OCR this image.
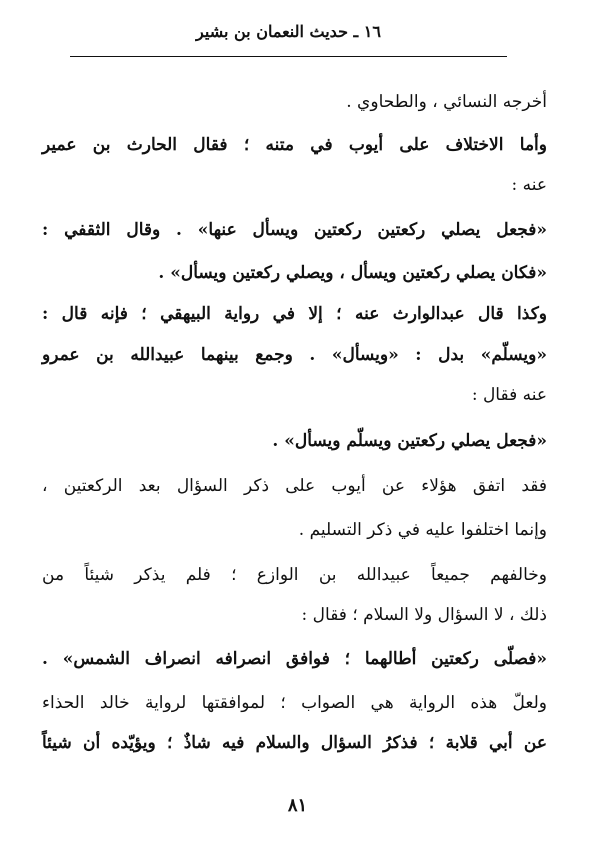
١٦ ـ حديث النعمان بن بشير
أخرجه النسائي ، والطحاوي .
وأما الاختلاف على أيوب في متنه ؛ فقال الحارث بن عمير
عنه :
«فجعل يصلي ركعتين ركعتين ويسأل عنها» . وقال الثقفي :
«فكان يصلي ركعتين ويسأل ، ويصلي ركعتين ويسأل» .
وكذا قال عبدالوارث عنه ؛ إلا في رواية البيهقي ؛ فإنه قال :
«ويسلّم» بدل : «ويسأل» . وجمع بينهما عبيدالله بن عمرو
عنه فقال :
«فجعل يصلي ركعتين ويسلّم ويسأل» .
فقد اتفق هؤلاء عن أيوب على ذكر السؤال بعد الركعتين ،
وإنما اختلفوا عليه في ذكر التسليم .
وخالفهم جميعاً عبيدالله بن الوازع ؛ فلم يذكر شيئاً من
ذلك ، لا السؤال ولا السلام ؛ فقال :
«فصلّى ركعتين أطالهما ؛ فوافق انصرافه انصراف الشمس» .
ولعلّ هذه الرواية هي الصواب ؛ لموافقتها لرواية خالد الحذاء
عن أبي قلابة ؛ فذكرُ السؤال والسلام فيه شاذٌ ؛ ويؤيّده أن شيئاً
٨١
